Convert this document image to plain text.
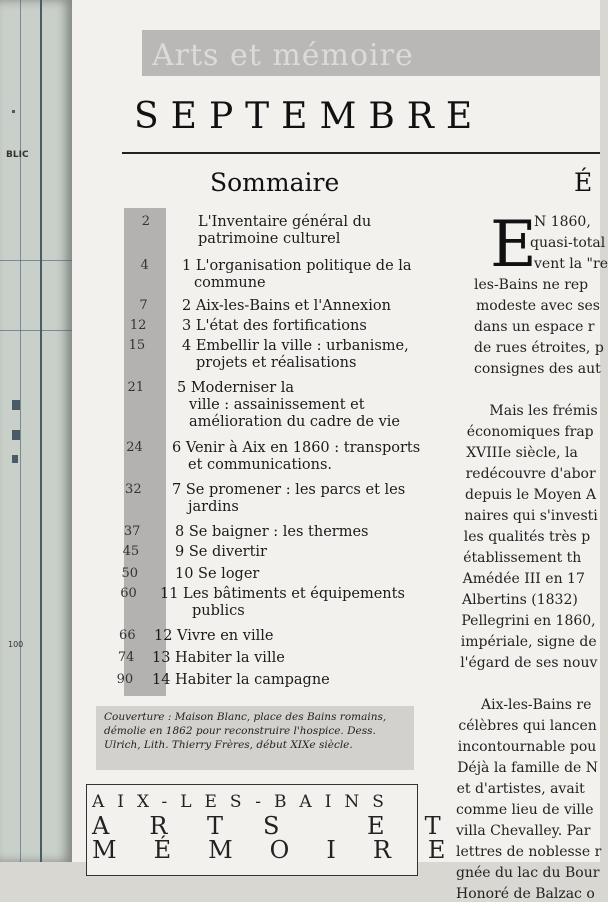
BLIC
100
Arts et mémoire
SEPTEMBRE
Sommaire	É
2	L'Inventaire général du
patrimoine culturel
4 1 L'organisation politique de la
commune
7 2 Aix-les-Bains et l'Annexion
12 3 L'état des fortifications
15	4 Embellir la ville : urbanisme,
projets et réalisations
21 5 Moderniser la
ville : assainissement et
amélioration du cadre de vie
24 6 Venir à Aix en 1860 : transports
et communications.
32 7 Se promener : les parcs et les
jardins
37 8 Se baigner : les thermes
45 9 Se divertir
50	10 Se loger
60 11 Les bâtiments et équipements
publics
66 12 Vivre en ville
74 13 Habiter la ville
90 14 Habiter la campagne
Couverture : Maison Blanc, place des Bains romains, démolie en 1862 pour reconstruire l'hospice. Dess. Ulrich, Lith. Thierry Frères, début XIXe siècle.
AIX-LES-BAINS
ARTS ET
MÉMOIRE
E
N 1860,
quasi-total
vent la "re
les-Bains ne rep
modeste avec ses
dans un espace r
de rues étroites, p
consignes des aut
Mais les frémis
économiques frap
XVIIIe siècle, la
redécouvre d'abor
depuis le Moyen A
naires qui s'investi
les qualités très p
établissement th
Amédée III en 17
Albertins (1832)
Pellegrini en 1860,
impériale, signe de
l'égard de ses nouv
Aix-les-Bains re
célèbres qui lancen
incontournable pou
Déjà la famille de N
et d'artistes, avait
comme lieu de ville
villa Chevalley. Par
lettres de noblesse r
gnée du lac du Bour
Honoré de Balzac o
